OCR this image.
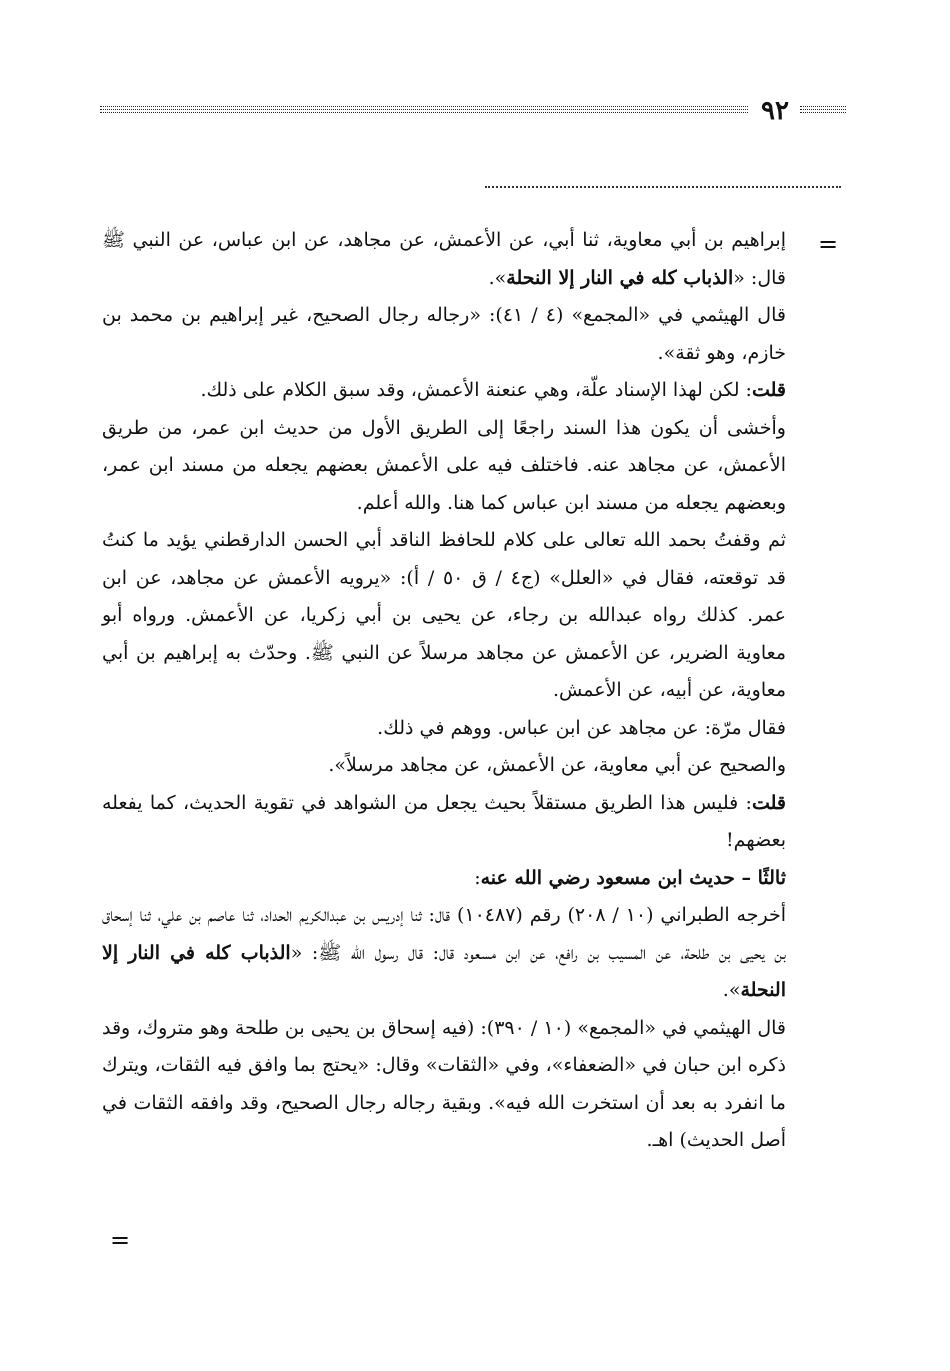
٩٢
=

إبراهيم بن أبي معاوية، ثنا أبي، عن الأعمش، عن مجاهد، عن ابن عباس، عن النبي ﷺ قال: «الذباب كله في النار إلا النحلة».

قال الهيثمي في «المجمع» (٤ / ٤١): «رجاله رجال الصحيح، غير إبراهيم بن محمد بن خازم، وهو ثقة».

قلت: لكن لهذا الإسناد علّة، وهي عنعنة الأعمش، وقد سبق الكلام على ذلك.

وأخشى أن يكون هذا السند راجعًا إلى الطريق الأول من حديث ابن عمر، من طريق الأعمش، عن مجاهد عنه. فاختلف فيه على الأعمش بعضهم يجعله من مسند ابن عمر، وبعضهم يجعله من مسند ابن عباس كما هنا. والله أعلم.

ثم وقفتُ بحمد الله تعالى على كلام للحافظ الناقد أبي الحسن الدارقطني يؤيد ما كنتُ قد توقعته، فقال في «العلل» (ج٤ / ق ٥٠ / أ): «يرويه الأعمش عن مجاهد، عن ابن عمر. كذلك رواه عبدالله بن رجاء، عن يحيى بن أبي زكريا، عن الأعمش. ورواه أبو معاوية الضرير، عن الأعمش عن مجاهد مرسلاً عن النبي ﷺ. وحدّث به إبراهيم بن أبي معاوية، عن أبيه، عن الأعمش.

فقال مرّة: عن مجاهد عن ابن عباس. ووهم في ذلك.

والصحيح عن أبي معاوية، عن الأعمش، عن مجاهد مرسلاً».

قلت: فليس هذا الطريق مستقلاً بحيث يجعل من الشواهد في تقوية الحديث، كما يفعله بعضهم!

ثالثًا – حديث ابن مسعود رضي الله عنه:

أخرجه الطبراني (١٠ / ٢٠٨) رقم (١٠٤٨٧) قال: ثنا إدريس بن عبدالكريم الحداد، ثنا عاصم بن علي، ثنا إسحاق بن يحيى بن طلحة، عن المسيب بن رافع، عن ابن مسعود قال: قال رسول الله ﷺ: «الذباب كله في النار إلا النحلة».

قال الهيثمي في «المجمع» (١٠ / ٣٩٠): (فيه إسحاق بن يحيى بن طلحة وهو متروك، وقد ذكره ابن حبان في «الضعفاء»، وفي «الثقات» وقال: «يحتج بما وافق فيه الثقات، ويترك ما انفرد به بعد أن استخرت الله فيه». وبقية رجاله رجال الصحيح، وقد وافقه الثقات في أصل الحديث) اهـ.

=
